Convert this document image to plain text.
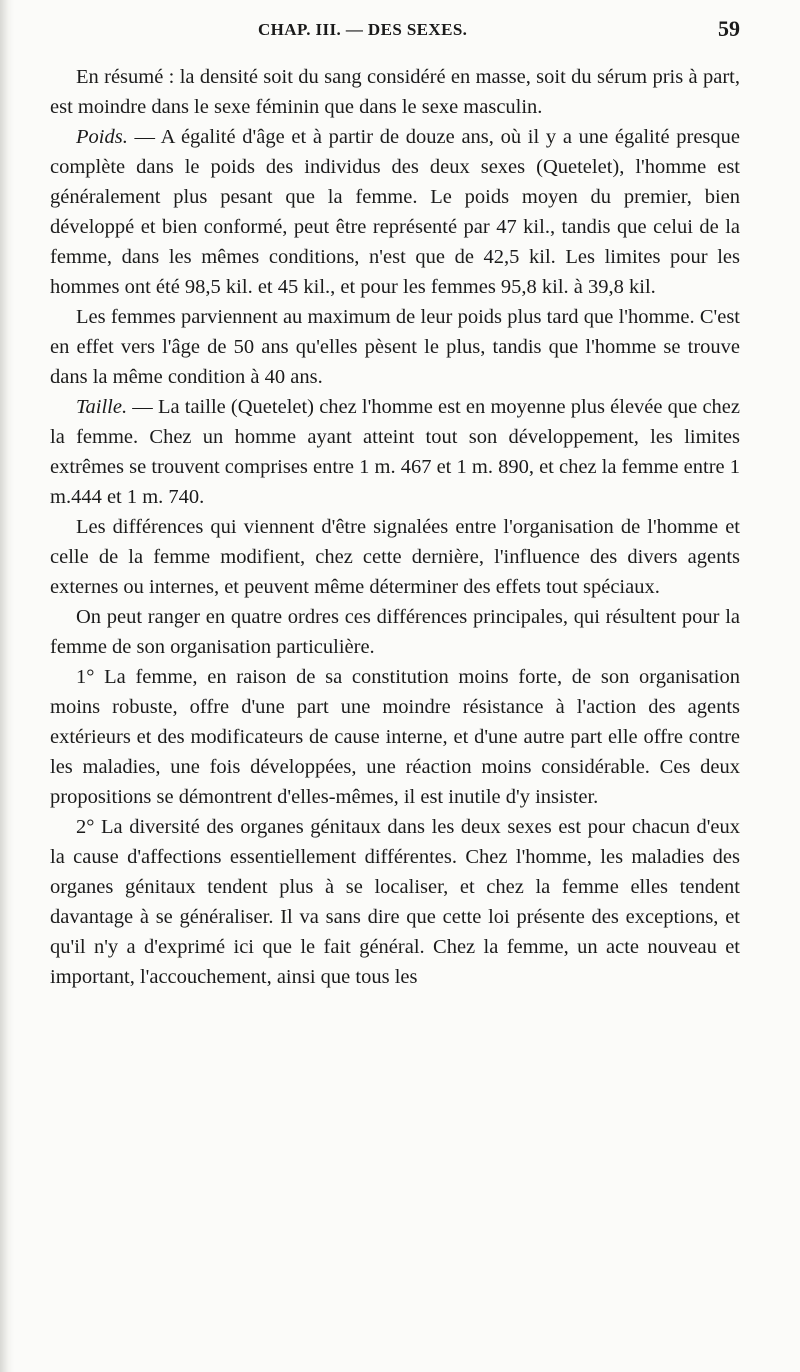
CHAP. III. — DES SEXES.	59

En résumé : la densité soit du sang considéré en masse, soit du sérum pris à part, est moindre dans le sexe féminin que dans le sexe masculin.

Poids. — A égalité d'âge et à partir de douze ans, où il y a une égalité presque complète dans le poids des individus des deux sexes (Quetelet), l'homme est généralement plus pesant que la femme. Le poids moyen du premier, bien développé et bien conformé, peut être représenté par 47 kil., tandis que celui de la femme, dans les mêmes conditions, n'est que de 42,5 kil. Les limites pour les hommes ont été 98,5 kil. et 45 kil., et pour les femmes 95,8 kil. à 39,8 kil.

Les femmes parviennent au maximum de leur poids plus tard que l'homme. C'est en effet vers l'âge de 50 ans qu'elles pèsent le plus, tandis que l'homme se trouve dans la même condition à 40 ans.

Taille. — La taille (Quetelet) chez l'homme est en moyenne plus élevée que chez la femme. Chez un homme ayant atteint tout son développement, les limites extrêmes se trouvent comprises entre 1 m. 467 et 1 m. 890, et chez la femme entre 1 m.444 et 1 m. 740.

Les différences qui viennent d'être signalées entre l'organisation de l'homme et celle de la femme modifient, chez cette dernière, l'influence des divers agents externes ou internes, et peuvent même déterminer des effets tout spéciaux.

On peut ranger en quatre ordres ces différences principales, qui résultent pour la femme de son organisation particulière.

1° La femme, en raison de sa constitution moins forte, de son organisation moins robuste, offre d'une part une moindre résistance à l'action des agents extérieurs et des modificateurs de cause interne, et d'une autre part elle offre contre les maladies, une fois développées, une réaction moins considérable. Ces deux propositions se démontrent d'elles-mêmes, il est inutile d'y insister.

2° La diversité des organes génitaux dans les deux sexes est pour chacun d'eux la cause d'affections essentiellement différentes. Chez l'homme, les maladies des organes génitaux tendent plus à se localiser, et chez la femme elles tendent davantage à se généraliser. Il va sans dire que cette loi présente des exceptions, et qu'il n'y a d'exprimé ici que le fait général. Chez la femme, un acte nouveau et important, l'accouchement, ainsi que tous les
